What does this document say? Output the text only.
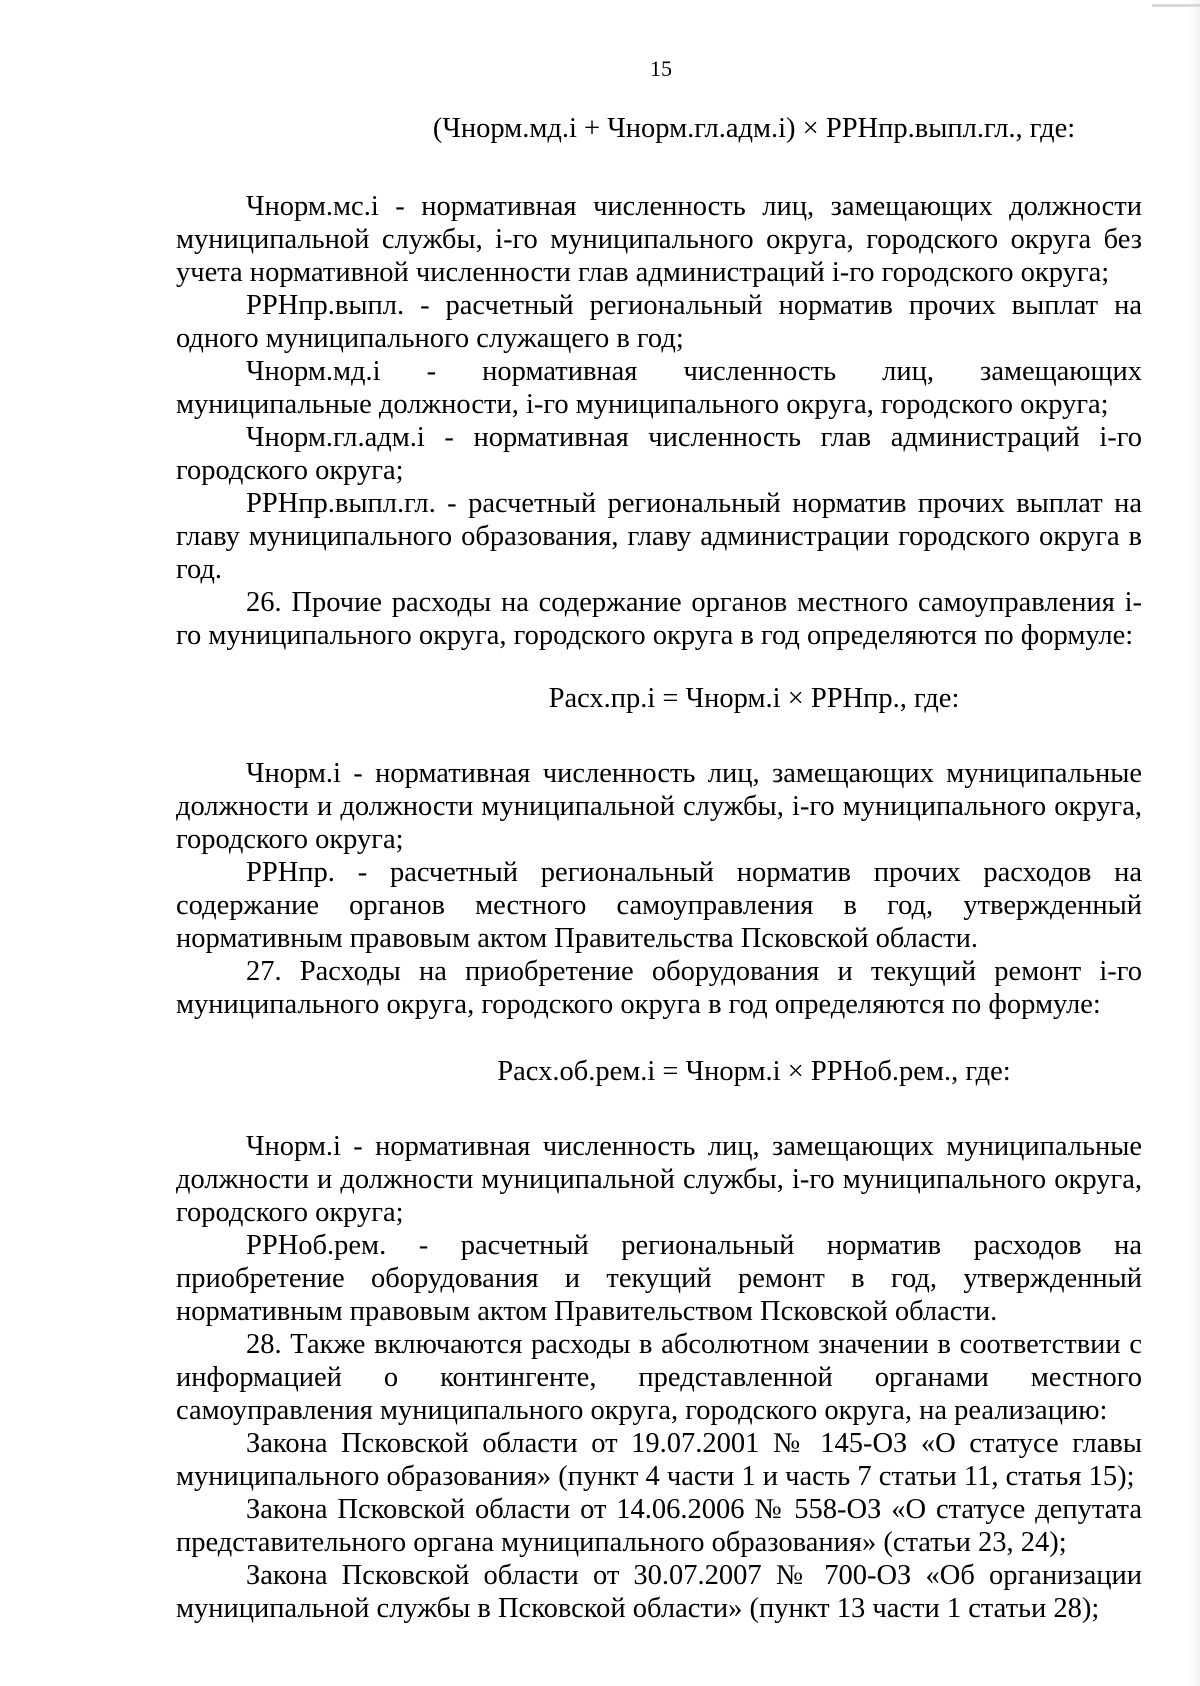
15
(Чнорм.мд.i + Чнорм.гл.адм.i) × РРНпр.выпл.гл., где:

Чнорм.мс.i - нормативная численность лиц, замещающих должности муниципальной службы, i-го муниципального округа, городского округа без учета нормативной численности глав администраций i-го городского округа;

РРНпр.выпл. - расчетный региональный норматив прочих выплат на одного муниципального служащего в год;

Чнорм.мд.i - нормативная численность лиц, замещающих муниципальные должности, i-го муниципального округа, городского округа;

Чнорм.гл.адм.i - нормативная численность глав администраций i-го городского округа;

РРНпр.выпл.гл. - расчетный региональный норматив прочих выплат на главу муниципального образования, главу администрации городского округа в год.

26. Прочие расходы на содержание органов местного самоуправления i-го муниципального округа, городского округа в год определяются по формуле:

Расх.пр.i = Чнорм.i × РРНпр., где:

Чнорм.i - нормативная численность лиц, замещающих муниципальные должности и должности муниципальной службы, i-го муниципального округа, городского округа;

РРНпр. - расчетный региональный норматив прочих расходов на содержание органов местного самоуправления в год, утвержденный нормативным правовым актом Правительства Псковской области.

27. Расходы на приобретение оборудования и текущий ремонт i-го муниципального округа, городского округа в год определяются по формуле:

Расх.об.рем.i = Чнорм.i × РРНоб.рем., где:

Чнорм.i - нормативная численность лиц, замещающих муниципальные должности и должности муниципальной службы, i-го муниципального округа, городского округа;

РРНоб.рем. - расчетный региональный норматив расходов на приобретение оборудования и текущий ремонт в год, утвержденный нормативным правовым актом Правительством Псковской области.

28. Также включаются расходы в абсолютном значении в соответствии с информацией о контингенте, представленной органами местного самоуправления муниципального округа, городского округа, на реализацию:

Закона Псковской области от 19.07.2001 № 145-ОЗ «О статусе главы муниципального образования» (пункт 4 части 1 и часть 7 статьи 11, статья 15);

Закона Псковской области от 14.06.2006 № 558-ОЗ «О статусе депутата представительного органа муниципального образования» (статьи 23, 24);

Закона Псковской области от 30.07.2007 № 700-ОЗ «Об организации муниципальной службы в Псковской области» (пункт 13 части 1 статьи 28);
